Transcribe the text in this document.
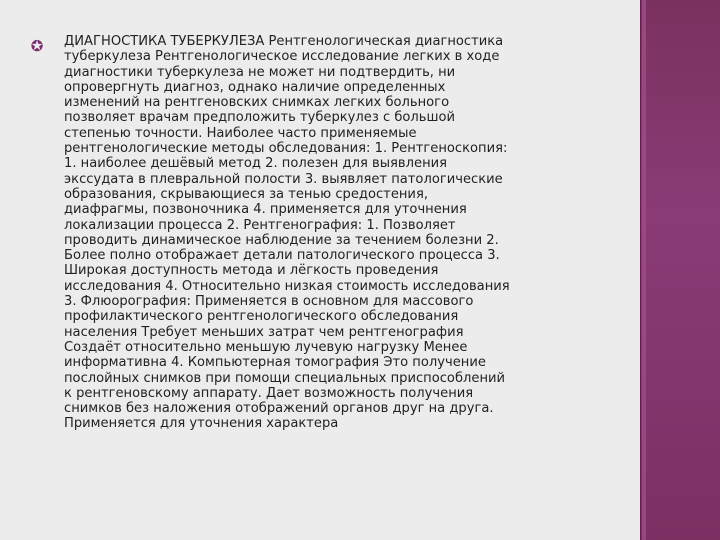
✪ ДИАГНОСТИКА ТУБЕРКУЛЕЗА Рентгенологическая диагностика
туберкулеза Рентгенологическое исследование легких в ходе
диагностики туберкулеза не может ни подтвердить, ни
опровергнуть диагноз, однако наличие определенных
изменений на рентгеновских снимках легких больного
позволяет врачам предположить туберкулез с большой
степенью точности. Наиболее часто применяемые
рентгенологические методы обследования: 1. Рентгеноскопия:
1. наиболее дешёвый метод 2. полезен для выявления
экссудата в плевральной полости 3. выявляет патологические
образования, скрывающиеся за тенью средостения,
диафрагмы, позвоночника 4. применяется для уточнения
локализации процесса 2. Рентгенография: 1. Позволяет
проводить динамическое наблюдение за течением болезни 2.
Более полно отображает детали патологического процесса 3.
Широкая доступность метода и лёгкость проведения
исследования 4. Относительно низкая стоимость исследования
3. Флюорография: Применяется в основном для массового
профилактического рентгенологического обследования
населения Требует меньших затрат чем рентгенография
Создаёт относительно меньшую лучевую нагрузку Менее
информативна 4. Компьютерная томография Это получение
послойных снимков при помощи специальных приспособлений
к рентгеновскому аппарату. Дает возможность получения
снимков без наложения отображений органов друг на друга.
Применяется для уточнения характера
